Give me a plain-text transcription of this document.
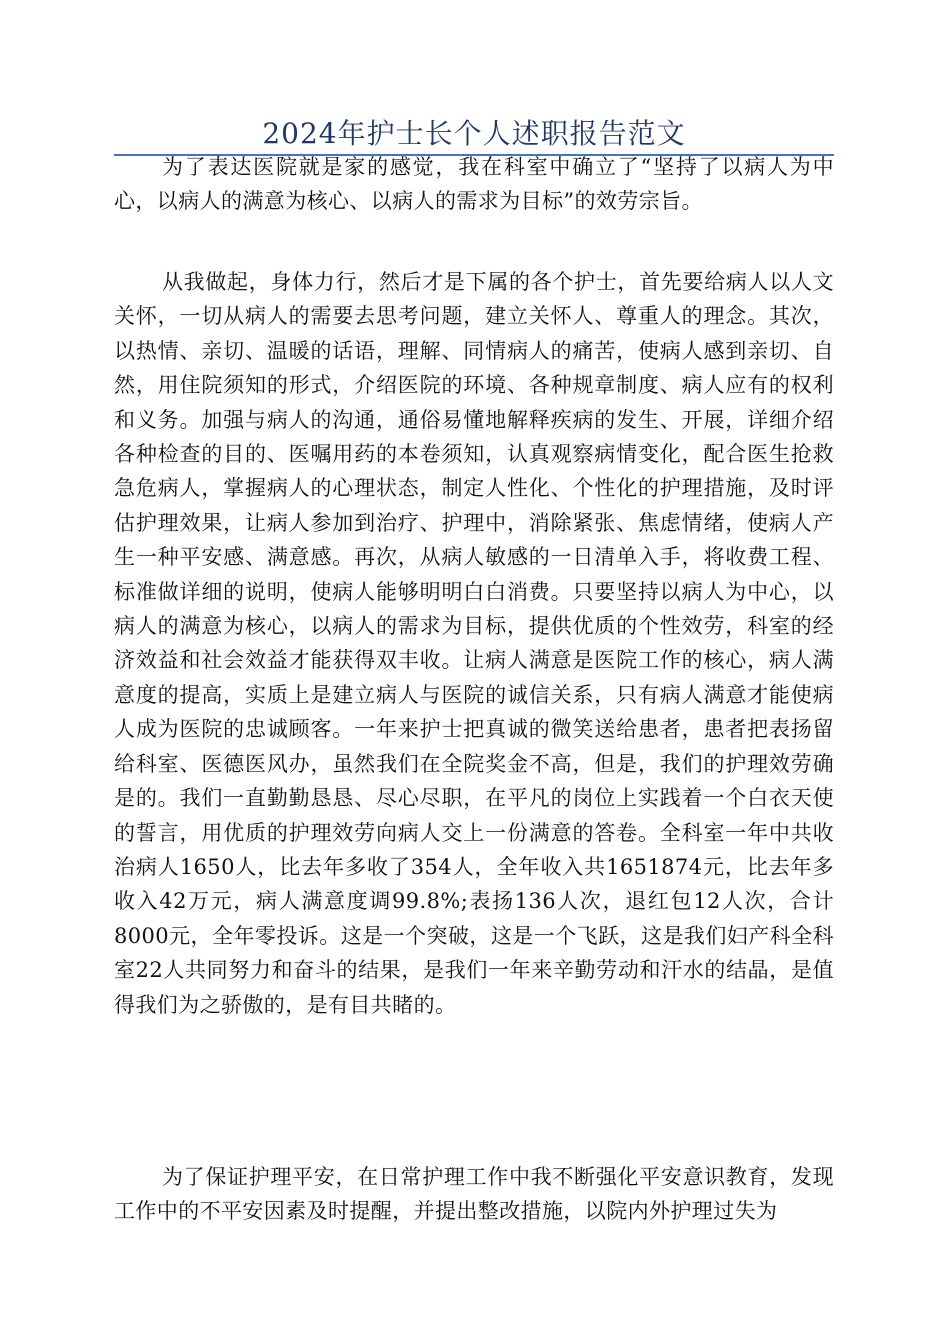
2024年护士长个人述职报告范文

为了表达医院就是家的感觉，我在科室中确立了“坚持了以病人为中心，以病人的满意为核心、以病人的需求为目标”的效劳宗旨。

从我做起，身体力行，然后才是下属的各个护士，首先要给病人以人文关怀，一切从病人的需要去思考问题，建立关怀人、尊重人的理念。其次，以热情、亲切、温暖的话语，理解、同情病人的痛苦，使病人感到亲切、自然，用住院须知的形式，介绍医院的环境、各种规章制度、病人应有的权利和义务。加强与病人的沟通，通俗易懂地解释疾病的发生、开展，详细介绍各种检查的目的、医嘱用药的本卷须知，认真观察病情变化，配合医生抢救急危病人，掌握病人的心理状态，制定人性化、个性化的护理措施，及时评估护理效果，让病人参加到治疗、护理中，消除紧张、焦虑情绪，使病人产生一种平安感、满意感。再次，从病人敏感的一日清单入手，将收费工程、标准做详细的说明，使病人能够明明白白消费。只要坚持以病人为中心，以病人的满意为核心，以病人的需求为目标，提供优质的个性效劳，科室的经济效益和社会效益才能获得双丰收。让病人满意是医院工作的核心，病人满意度的提高，实质上是建立病人与医院的诚信关系，只有病人满意才能使病人成为医院的忠诚顾客。一年来护士把真诚的微笑送给患者，患者把表扬留给科室、医德医风办，虽然我们在全院奖金不高，但是，我们的护理效劳确是的。我们一直勤勤恳恳、尽心尽职，在平凡的岗位上实践着一个白衣天使的誓言，用优质的护理效劳向病人交上一份满意的答卷。全科室一年中共收治病人1650人，比去年多收了354人，全年收入共1651874元，比去年多收入42万元，病人满意度调99.8%;表扬136人次，退红包12人次，合计8000元，全年零投诉。这是一个突破，这是一个飞跃，这是我们妇产科全科室22人共同努力和奋斗的结果，是我们一年来辛勤劳动和汗水的结晶，是值得我们为之骄傲的，是有目共睹的。

为了保证护理平安，在日常护理工作中我不断强化平安意识教育，发现工作中的不平安因素及时提醒，并提出整改措施，以院内外护理过失为
